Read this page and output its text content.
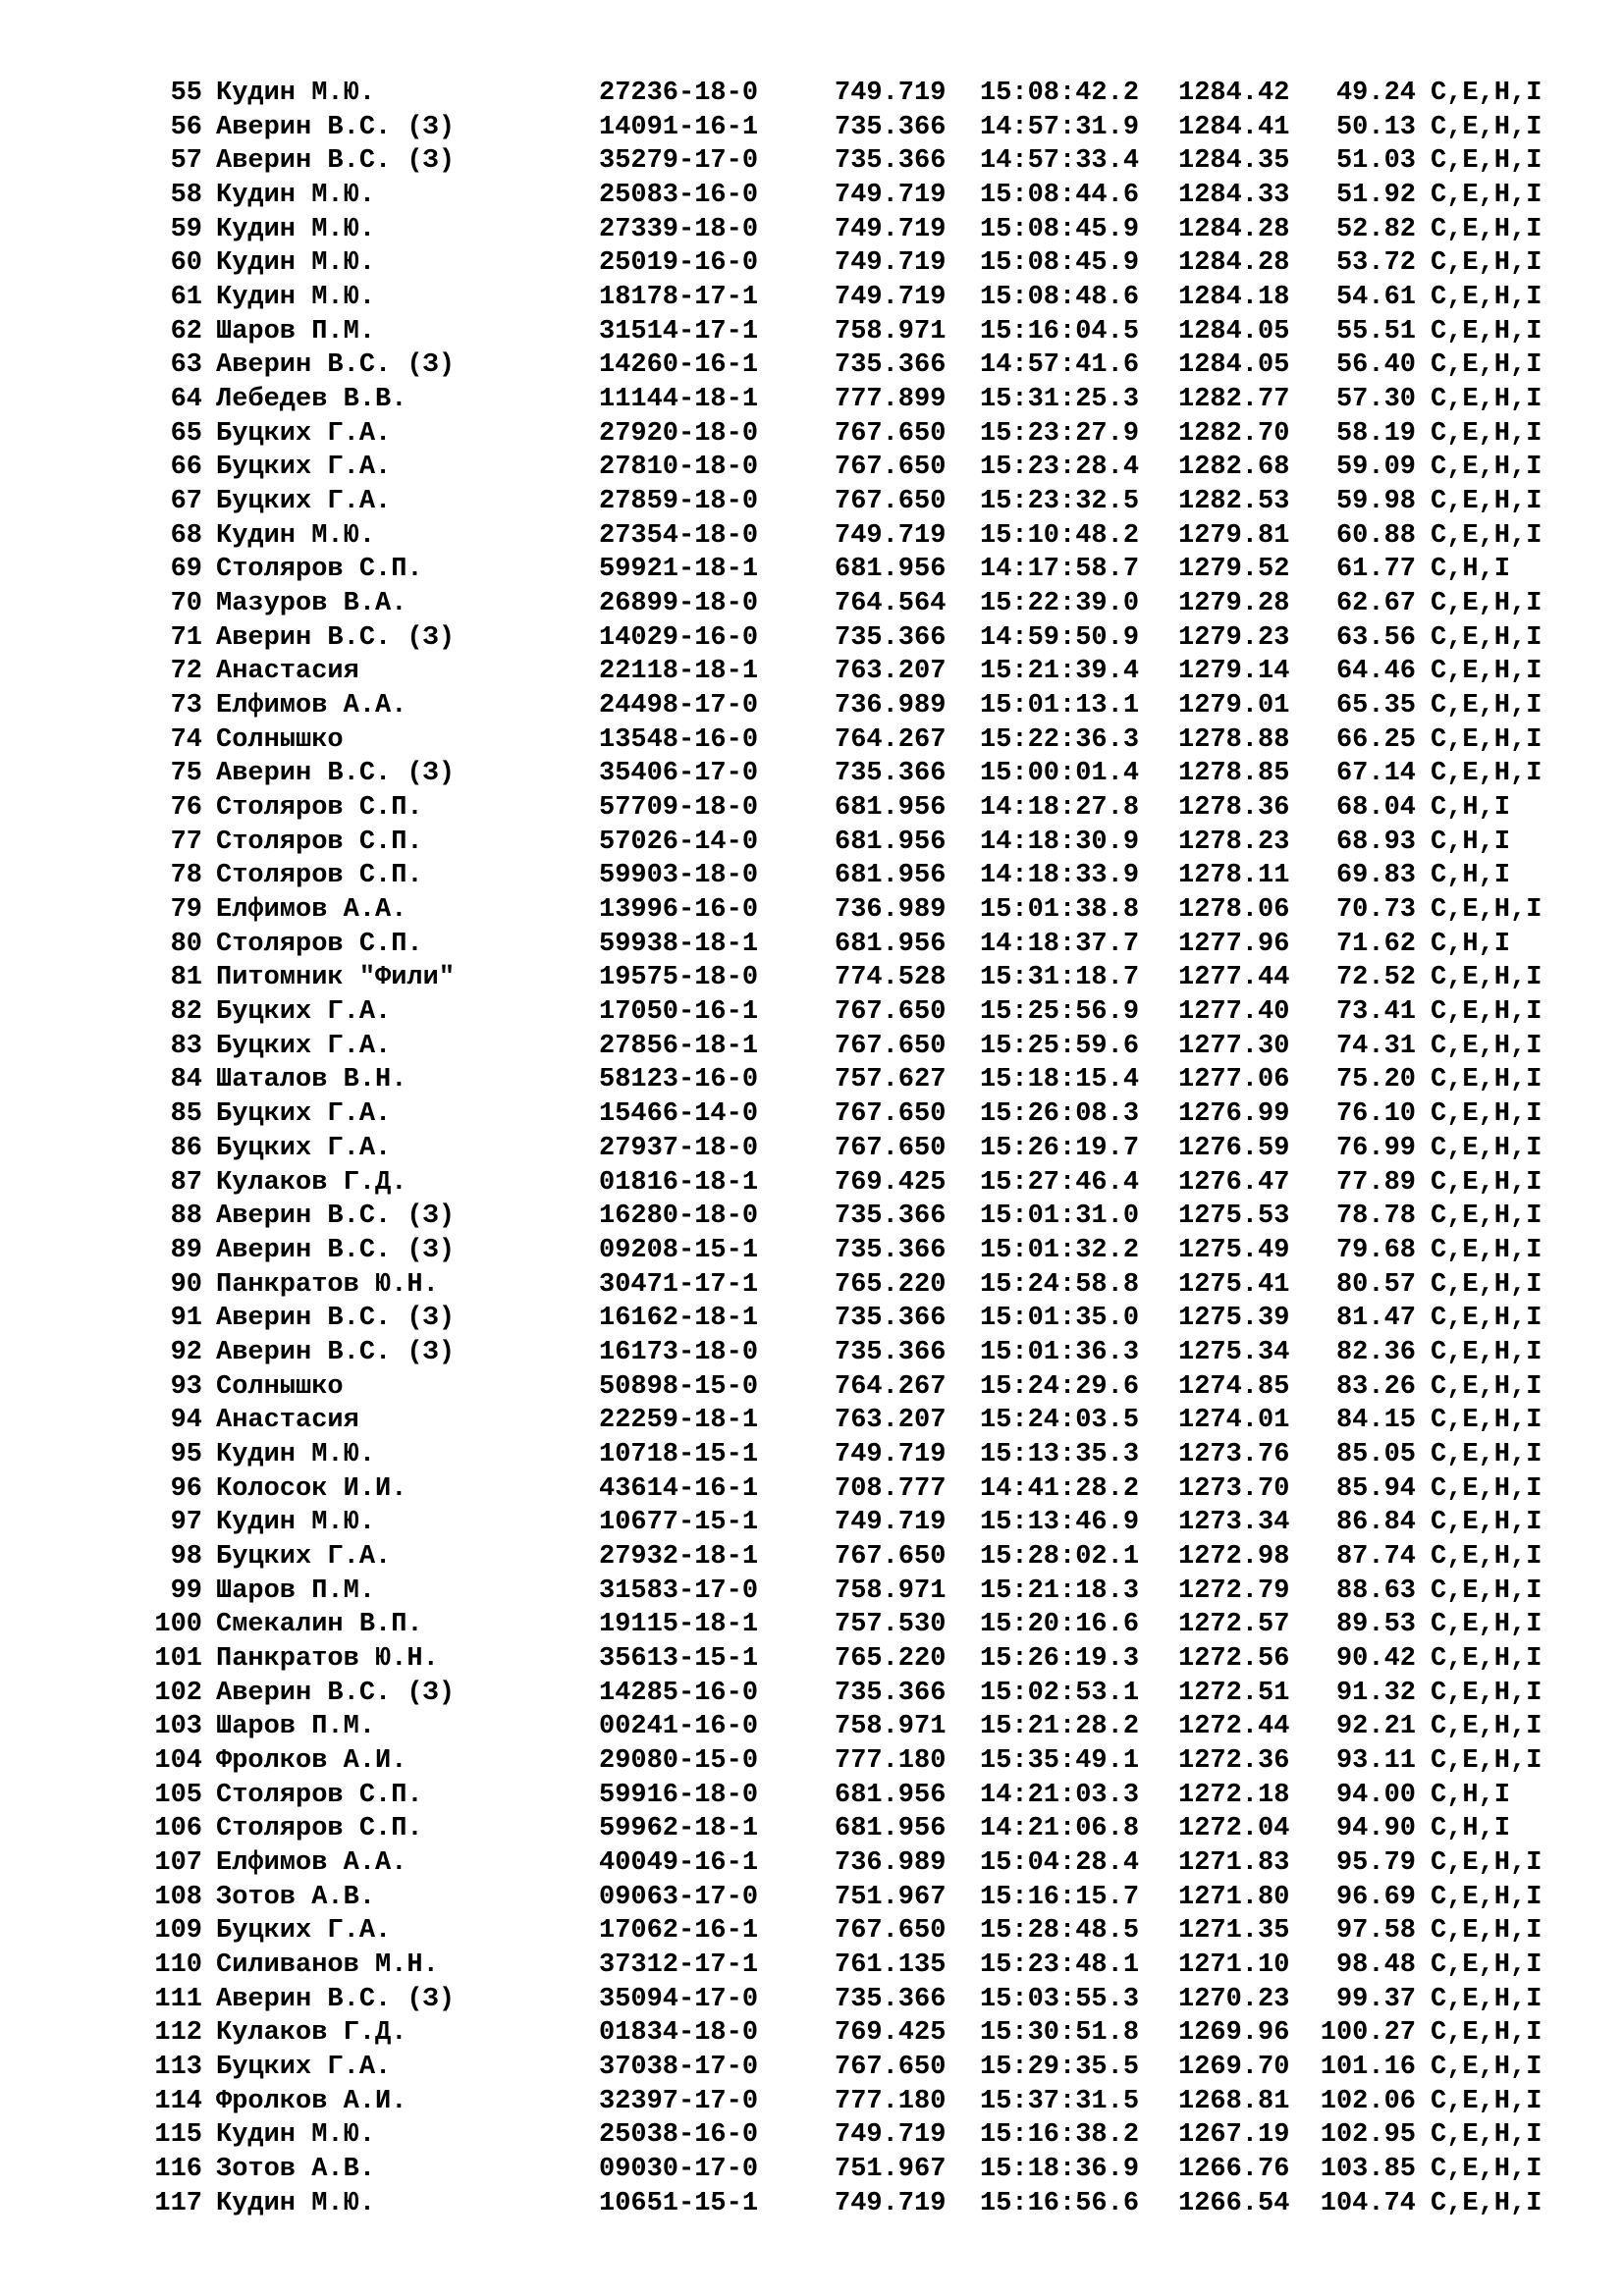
55 Кудин М.Ю.	27236-18-0	749.719 15:08:42.2 1284.42	49.24 C,E,H,I
56 Аверин В.С. (З)	14091-16-1	735.366 14:57:31.9 1284.41	50.13 C,E,H,I
57 Аверин В.С. (З)	35279-17-0	735.366 14:57:33.4 1284.35	51.03 C,E,H,I
58 Кудин М.Ю.	25083-16-0	749.719 15:08:44.6 1284.33	51.92 C,E,H,I
59 Кудин М.Ю.	27339-18-0	749.719 15:08:45.9 1284.28	52.82 C,E,H,I
60 Кудин М.Ю.	25019-16-0	749.719 15:08:45.9 1284.28	53.72 C,E,H,I
61 Кудин М.Ю.	18178-17-1	749.719 15:08:48.6 1284.18	54.61 C,E,H,I
62 Шаров П.М.	31514-17-1	758.971 15:16:04.5 1284.05	55.51 C,E,H,I
63 Аверин В.С. (З)	14260-16-1	735.366 14:57:41.6 1284.05	56.40 C,E,H,I
64 Лебедев В.В.	11144-18-1	777.899 15:31:25.3 1282.77	57.30 C,E,H,I
65 Буцких Г.А.	27920-18-0	767.650 15:23:27.9 1282.70	58.19 C,E,H,I
66 Буцких Г.А.	27810-18-0	767.650 15:23:28.4 1282.68	59.09 C,E,H,I
67 Буцких Г.А.	27859-18-0	767.650 15:23:32.5 1282.53	59.98 C,E,H,I
68 Кудин М.Ю.	27354-18-0	749.719 15:10:48.2 1279.81	60.88 C,E,H,I
69 Столяров С.П.	59921-18-1	681.956 14:17:58.7 1279.52	61.77 C,H,I
70 Мазуров В.А.	26899-18-0	764.564 15:22:39.0 1279.28	62.67 C,E,H,I
71 Аверин В.С. (З)	14029-16-0	735.366 14:59:50.9 1279.23	63.56 C,E,H,I
72 Анастасия	22118-18-1	763.207 15:21:39.4 1279.14	64.46 C,E,H,I
73 Елфимов А.А.	24498-17-0	736.989 15:01:13.1 1279.01	65.35 C,E,H,I
74 Солнышко	13548-16-0	764.267 15:22:36.3 1278.88	66.25 C,E,H,I
75 Аверин В.С. (З)	35406-17-0	735.366 15:00:01.4 1278.85	67.14 C,E,H,I
76 Столяров С.П.	57709-18-0	681.956 14:18:27.8 1278.36	68.04 C,H,I
77 Столяров С.П.	57026-14-0	681.956 14:18:30.9 1278.23	68.93 C,H,I
78 Столяров С.П.	59903-18-0	681.956 14:18:33.9 1278.11	69.83 C,H,I
79 Елфимов А.А.	13996-16-0	736.989 15:01:38.8 1278.06	70.73 C,E,H,I
80 Столяров С.П.	59938-18-1	681.956 14:18:37.7 1277.96	71.62 C,H,I
81 Питомник "Фили"	19575-18-0	774.528 15:31:18.7 1277.44	72.52 C,E,H,I
82 Буцких Г.А.	17050-16-1	767.650 15:25:56.9 1277.40	73.41 C,E,H,I
83 Буцких Г.А.	27856-18-1	767.650 15:25:59.6 1277.30	74.31 C,E,H,I
84 Шаталов В.Н.	58123-16-0	757.627 15:18:15.4 1277.06	75.20 C,E,H,I
85 Буцких Г.А.	15466-14-0	767.650 15:26:08.3 1276.99	76.10 C,E,H,I
86 Буцких Г.А.	27937-18-0	767.650 15:26:19.7 1276.59	76.99 C,E,H,I
87 Кулаков Г.Д.	01816-18-1	769.425 15:27:46.4 1276.47	77.89 C,E,H,I
88 Аверин В.С. (З)	16280-18-0	735.366 15:01:31.0 1275.53	78.78 C,E,H,I
89 Аверин В.С. (З)	09208-15-1	735.366 15:01:32.2 1275.49	79.68 C,E,H,I
90 Панкратов Ю.Н.	30471-17-1	765.220 15:24:58.8 1275.41	80.57 C,E,H,I
91 Аверин В.С. (З)	16162-18-1	735.366 15:01:35.0 1275.39	81.47 C,E,H,I
92 Аверин В.С. (З)	16173-18-0	735.366 15:01:36.3 1275.34	82.36 C,E,H,I
93 Солнышко	50898-15-0	764.267 15:24:29.6 1274.85	83.26 C,E,H,I
94 Анастасия	22259-18-1	763.207 15:24:03.5 1274.01	84.15 C,E,H,I
95 Кудин М.Ю.	10718-15-1	749.719 15:13:35.3 1273.76	85.05 C,E,H,I
96 Колосок И.И.	43614-16-1	708.777 14:41:28.2 1273.70	85.94 C,E,H,I
97 Кудин М.Ю.	10677-15-1	749.719 15:13:46.9 1273.34	86.84 C,E,H,I
98 Буцких Г.А.	27932-18-1	767.650 15:28:02.1 1272.98	87.74 C,E,H,I
99 Шаров П.М.	31583-17-0	758.971 15:21:18.3 1272.79	88.63 C,E,H,I
100 Смекалин В.П.	19115-18-1	757.530 15:20:16.6 1272.57	89.53 C,E,H,I
101 Панкратов Ю.Н.	35613-15-1	765.220 15:26:19.3 1272.56	90.42 C,E,H,I
102 Аверин В.С. (З)	14285-16-0	735.366 15:02:53.1 1272.51	91.32 C,E,H,I
103 Шаров П.М.	00241-16-0	758.971 15:21:28.2 1272.44	92.21 C,E,H,I
104 Фролков А.И.	29080-15-0	777.180 15:35:49.1 1272.36	93.11 C,E,H,I
105 Столяров С.П.	59916-18-0	681.956 14:21:03.3 1272.18	94.00 C,H,I
106 Столяров С.П.	59962-18-1	681.956 14:21:06.8 1272.04	94.90 C,H,I
107 Елфимов А.А.	40049-16-1	736.989 15:04:28.4 1271.83	95.79 C,E,H,I
108 Зотов А.В.	09063-17-0	751.967 15:16:15.7 1271.80	96.69 C,E,H,I
109 Буцких Г.А.	17062-16-1	767.650 15:28:48.5 1271.35	97.58 C,E,H,I
110 Силиванов М.Н.	37312-17-1	761.135 15:23:48.1 1271.10	98.48 C,E,H,I
111 Аверин В.С. (З)	35094-17-0	735.366 15:03:55.3 1270.23	99.37 C,E,H,I
112 Кулаков Г.Д.	01834-18-0	769.425 15:30:51.8 1269.96 100.27 C,E,H,I
113 Буцких Г.А.	37038-17-0	767.650 15:29:35.5 1269.70 101.16 C,E,H,I
114 Фролков А.И.	32397-17-0	777.180 15:37:31.5 1268.81 102.06 C,E,H,I
115 Кудин М.Ю.	25038-16-0	749.719 15:16:38.2 1267.19 102.95 C,E,H,I
116 Зотов А.В.	09030-17-0	751.967 15:18:36.9 1266.76 103.85 C,E,H,I
117 Кудин М.Ю.	10651-15-1	749.719 15:16:56.6 1266.54 104.74 C,E,H,I
